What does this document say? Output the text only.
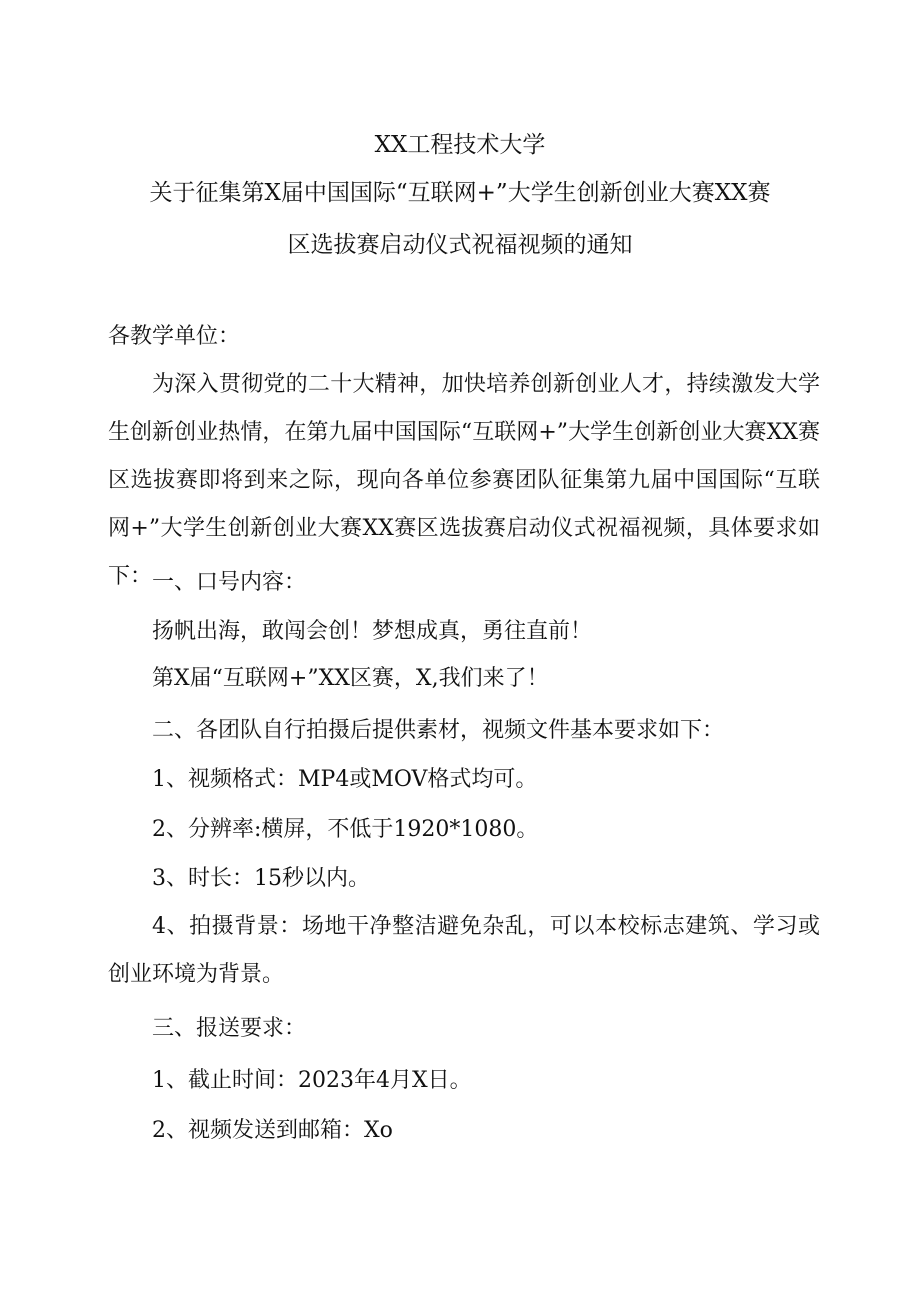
XX工程技术大学
关于征集第X届中国国际“互联网+”大学生创新创业大赛XX赛
区选拔赛启动仪式祝福视频的通知
各教学单位：
为深入贯彻党的二十大精神，加快培养创新创业人才，持续激发大学生创新创业热情，在第九届中国国际“互联网+”大学生创新创业大赛XX赛区选拔赛即将到来之际，现向各单位参赛团队征集第九届中国国际“互联网+”大学生创新创业大赛XX赛区选拔赛启动仪式祝福视频，具体要求如下： 一、口号内容：
扬帆出海，敢闯会创！梦想成真，勇往直前！
第X届“互联网+”XX区赛，X,我们来了！
二、各团队自行拍摄后提供素材，视频文件基本要求如下：
1、视频格式：MP4或MOV格式均可。
2、分辨率:横屏，不低于1920*1080。
3、时长：15秒以内。
4、拍摄背景：场地干净整洁避免杂乱，可以本校标志建筑、学习或创业环境为背景。
三、报送要求：
1、截止时间：2023年4月X日。
2、视频发送到邮箱：Xo
